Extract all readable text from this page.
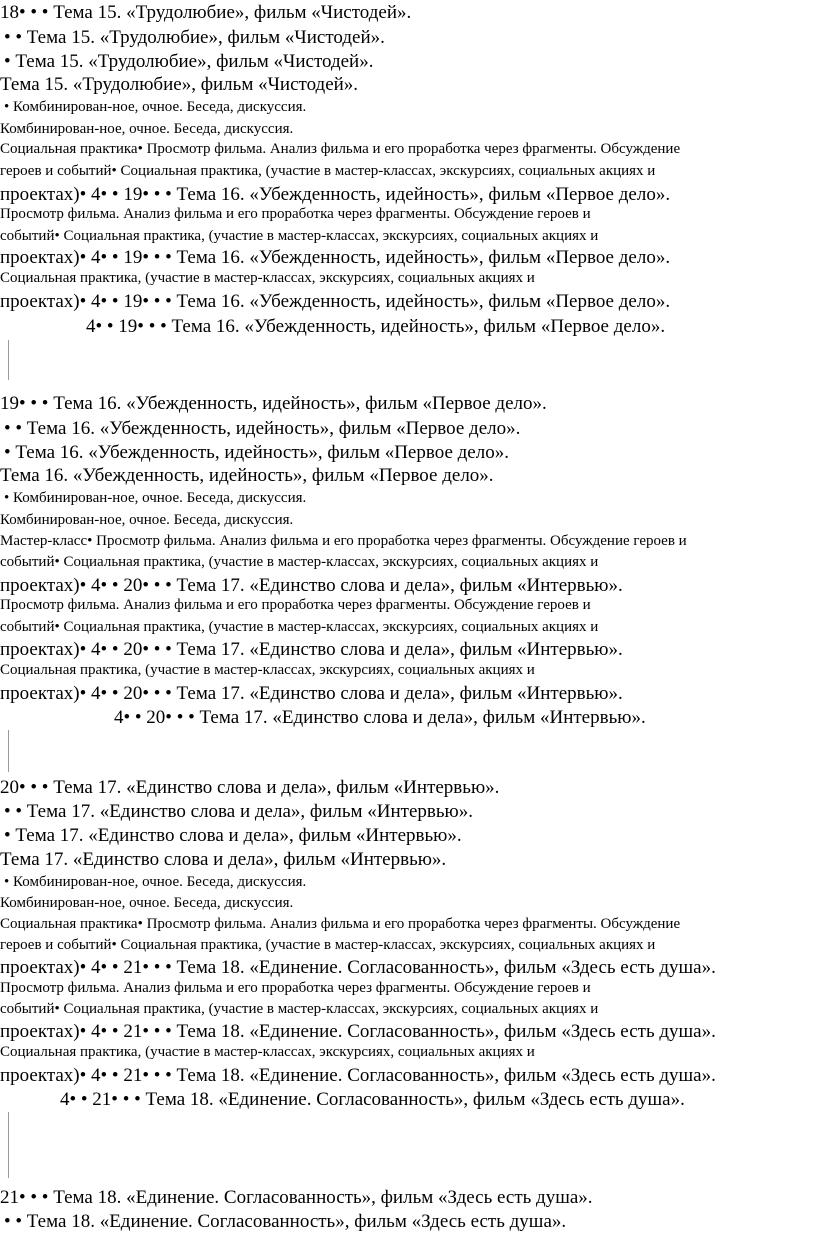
18• • • Тема 15. «Трудолюбие», фильм «Чистодей».
• • Тема 15. «Трудолюбие», фильм «Чистодей».
• Тема 15. «Трудолюбие», фильм «Чистодей».
Тема 15. «Трудолюбие», фильм «Чистодей».
• Комбинирован-ное, очное. Беседа, дискуссия.
Комбинирован-ное, очное. Беседа, дискуссия.
Социальная практика• Просмотр фильма. Анализ фильма и его проработка через фрагменты. Обсуждение
героев и событий• Социальная практика, (участие в мастер-классах, экскурсиях, социальных акциях и
проектах)• 4• • 19• • • Тема 16. «Убежденность, идейность», фильм «Первое дело».
Просмотр фильма. Анализ фильма и его проработка через фрагменты. Обсуждение героев и
событий• Социальная практика, (участие в мастер-классах, экскурсиях, социальных акциях и
проектах)• 4• • 19• • • Тема 16. «Убежденность, идейность», фильм «Первое дело».
Социальная практика, (участие в мастер-классах, экскурсиях, социальных акциях и
проектах)• 4• • 19• • • Тема 16. «Убежденность, идейность», фильм «Первое дело».
4• • 19• • • Тема 16. «Убежденность, идейность», фильм «Первое дело».
19• • • Тема 16. «Убежденность, идейность», фильм «Первое дело».
• • Тема 16. «Убежденность, идейность», фильм «Первое дело».
• Тема 16. «Убежденность, идейность», фильм «Первое дело».
Тема 16. «Убежденность, идейность», фильм «Первое дело».
• Комбинирован-ное, очное. Беседа, дискуссия.
Комбинирован-ное, очное. Беседа, дискуссия.
Мастер-класс• Просмотр фильма. Анализ фильма и его проработка через фрагменты. Обсуждение героев и
событий• Социальная практика, (участие в мастер-классах, экскурсиях, социальных акциях и
проектах)• 4• • 20• • • Тема 17. «Единство слова и дела», фильм «Интервью».
Просмотр фильма. Анализ фильма и его проработка через фрагменты. Обсуждение героев и
событий• Социальная практика, (участие в мастер-классах, экскурсиях, социальных акциях и
проектах)• 4• • 20• • • Тема 17. «Единство слова и дела», фильм «Интервью».
Социальная практика, (участие в мастер-классах, экскурсиях, социальных акциях и
проектах)• 4• • 20• • • Тема 17. «Единство слова и дела», фильм «Интервью».
4• • 20• • • Тема 17. «Единство слова и дела», фильм «Интервью».
20• • • Тема 17. «Единство слова и дела», фильм «Интервью».
• • Тема 17. «Единство слова и дела», фильм «Интервью».
• Тема 17. «Единство слова и дела», фильм «Интервью».
Тема 17. «Единство слова и дела», фильм «Интервью».
• Комбинирован-ное, очное. Беседа, дискуссия.
Комбинирован-ное, очное. Беседа, дискуссия.
Социальная практика• Просмотр фильма. Анализ фильма и его проработка через фрагменты. Обсуждение
героев и событий• Социальная практика, (участие в мастер-классах, экскурсиях, социальных акциях и
проектах)• 4• • 21• • • Тема 18. «Единение. Согласованность», фильм «Здесь есть душа».
Просмотр фильма. Анализ фильма и его проработка через фрагменты. Обсуждение героев и
событий• Социальная практика, (участие в мастер-классах, экскурсиях, социальных акциях и
проектах)• 4• • 21• • • Тема 18. «Единение. Согласованность», фильм «Здесь есть душа».
Социальная практика, (участие в мастер-классах, экскурсиях, социальных акциях и
проектах)• 4• • 21• • • Тема 18. «Единение. Согласованность», фильм «Здесь есть душа».
4• • 21• • • Тема 18. «Единение. Согласованность», фильм «Здесь есть душа».
21• • • Тема 18. «Единение. Согласованность», фильм «Здесь есть душа».
• • Тема 18. «Единение. Согласованность», фильм «Здесь есть душа».
